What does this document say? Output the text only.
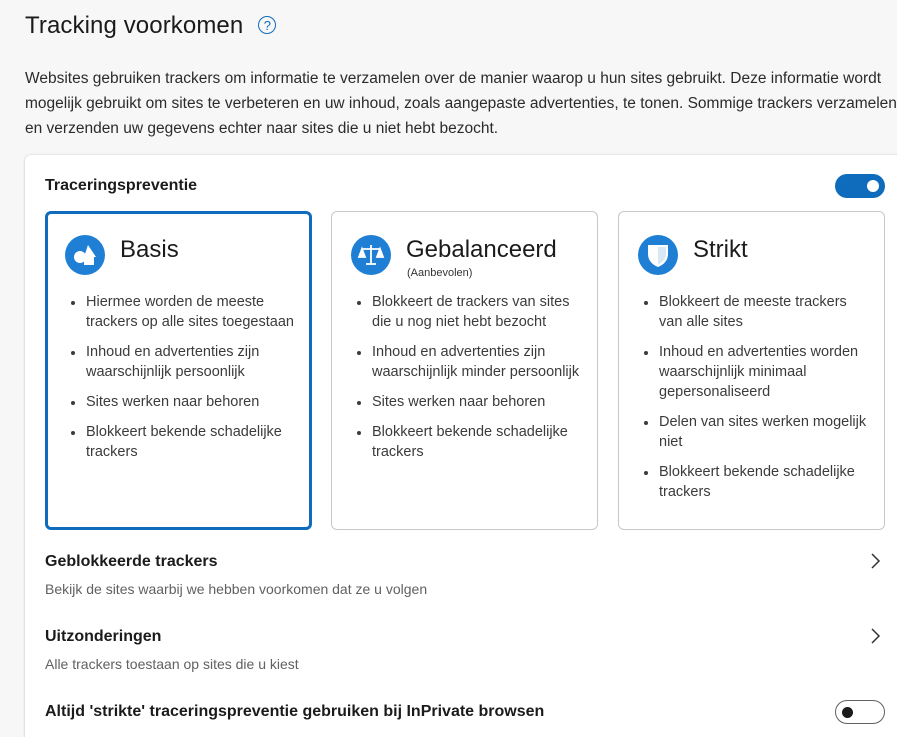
Tracking voorkomen	?
Websites gebruiken trackers om informatie te verzamelen over de manier waarop u hun sites gebruikt. Deze informatie wordt mogelijk gebruikt om sites te verbeteren en uw inhoud, zoals aangepaste advertenties, te tonen. Sommige trackers verzamelen en verzenden uw gegevens echter naar sites die u niet hebt bezocht.
Traceringspreventie
Basis
• Hiermee worden de meeste trackers op alle sites toegestaan
• Inhoud en advertenties zijn waarschijnlijk persoonlijk
• Sites werken naar behoren
• Blokkeert bekende schadelijke trackers
Gebalanceerd
(Aanbevolen)
• Blokkeert de trackers van sites die u nog niet hebt bezocht
• Inhoud en advertenties zijn waarschijnlijk minder persoonlijk
• Sites werken naar behoren
• Blokkeert bekende schadelijke trackers
Strikt
• Blokkeert de meeste trackers van alle sites
• Inhoud en advertenties worden waarschijnlijk minimaal gepersonaliseerd
• Delen van sites werken mogelijk niet
• Blokkeert bekende schadelijke trackers
Geblokkeerde trackers
Bekijk de sites waarbij we hebben voorkomen dat ze u volgen
Uitzonderingen
Alle trackers toestaan op sites die u kiest
Altijd 'strikte' traceringspreventie gebruiken bij InPrivate browsen
